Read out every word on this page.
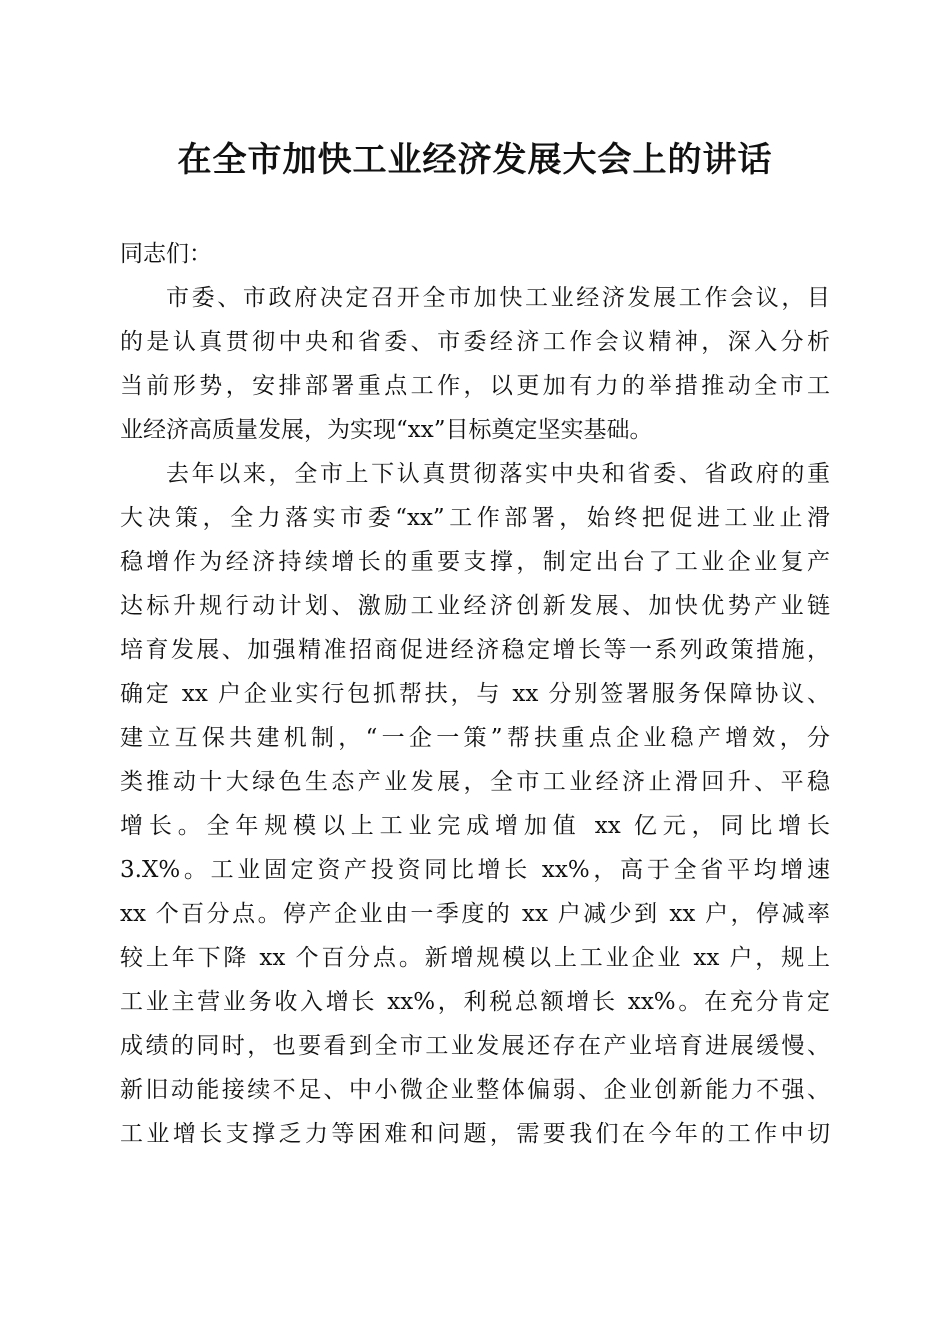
在全市加快工业经济发展大会上的讲话
同志们：
市委、市政府决定召开全市加快工业经济发展工作会议，目
的是认真贯彻中央和省委、市委经济工作会议精神，深入分析
当前形势，安排部署重点工作，以更加有力的举措推动全市工
业经济高质量发展，为实现“xx”目标奠定坚实基础。
去年以来，全市上下认真贯彻落实中央和省委、省政府的重
大决策，全力落实市委“xx”工作部署，始终把促进工业止滑
稳增作为经济持续增长的重要支撑，制定出台了工业企业复产
达标升规行动计划、激励工业经济创新发展、加快优势产业链
培育发展、加强精准招商促进经济稳定增长等一系列政策措施，
确定 xx 户企业实行包抓帮扶，与 xx 分别签署服务保障协议、
建立互保共建机制，“一企一策”帮扶重点企业稳产增效，分
类推动十大绿色生态产业发展，全市工业经济止滑回升、平稳
增长。全年规模以上工业完成增加值 xx 亿元，同比增长
3.X%。工业固定资产投资同比增长 xx%，高于全省平均增速
xx 个百分点。停产企业由一季度的 xx 户减少到 xx 户，停减率
较上年下降 xx 个百分点。新增规模以上工业企业 xx 户，规上
工业主营业务收入增长 xx%，利税总额增长 xx%。在充分肯定
成绩的同时，也要看到全市工业发展还存在产业培育进展缓慢、
新旧动能接续不足、中小微企业整体偏弱、企业创新能力不强、
工业增长支撑乏力等困难和问题，需要我们在今年的工作中切
